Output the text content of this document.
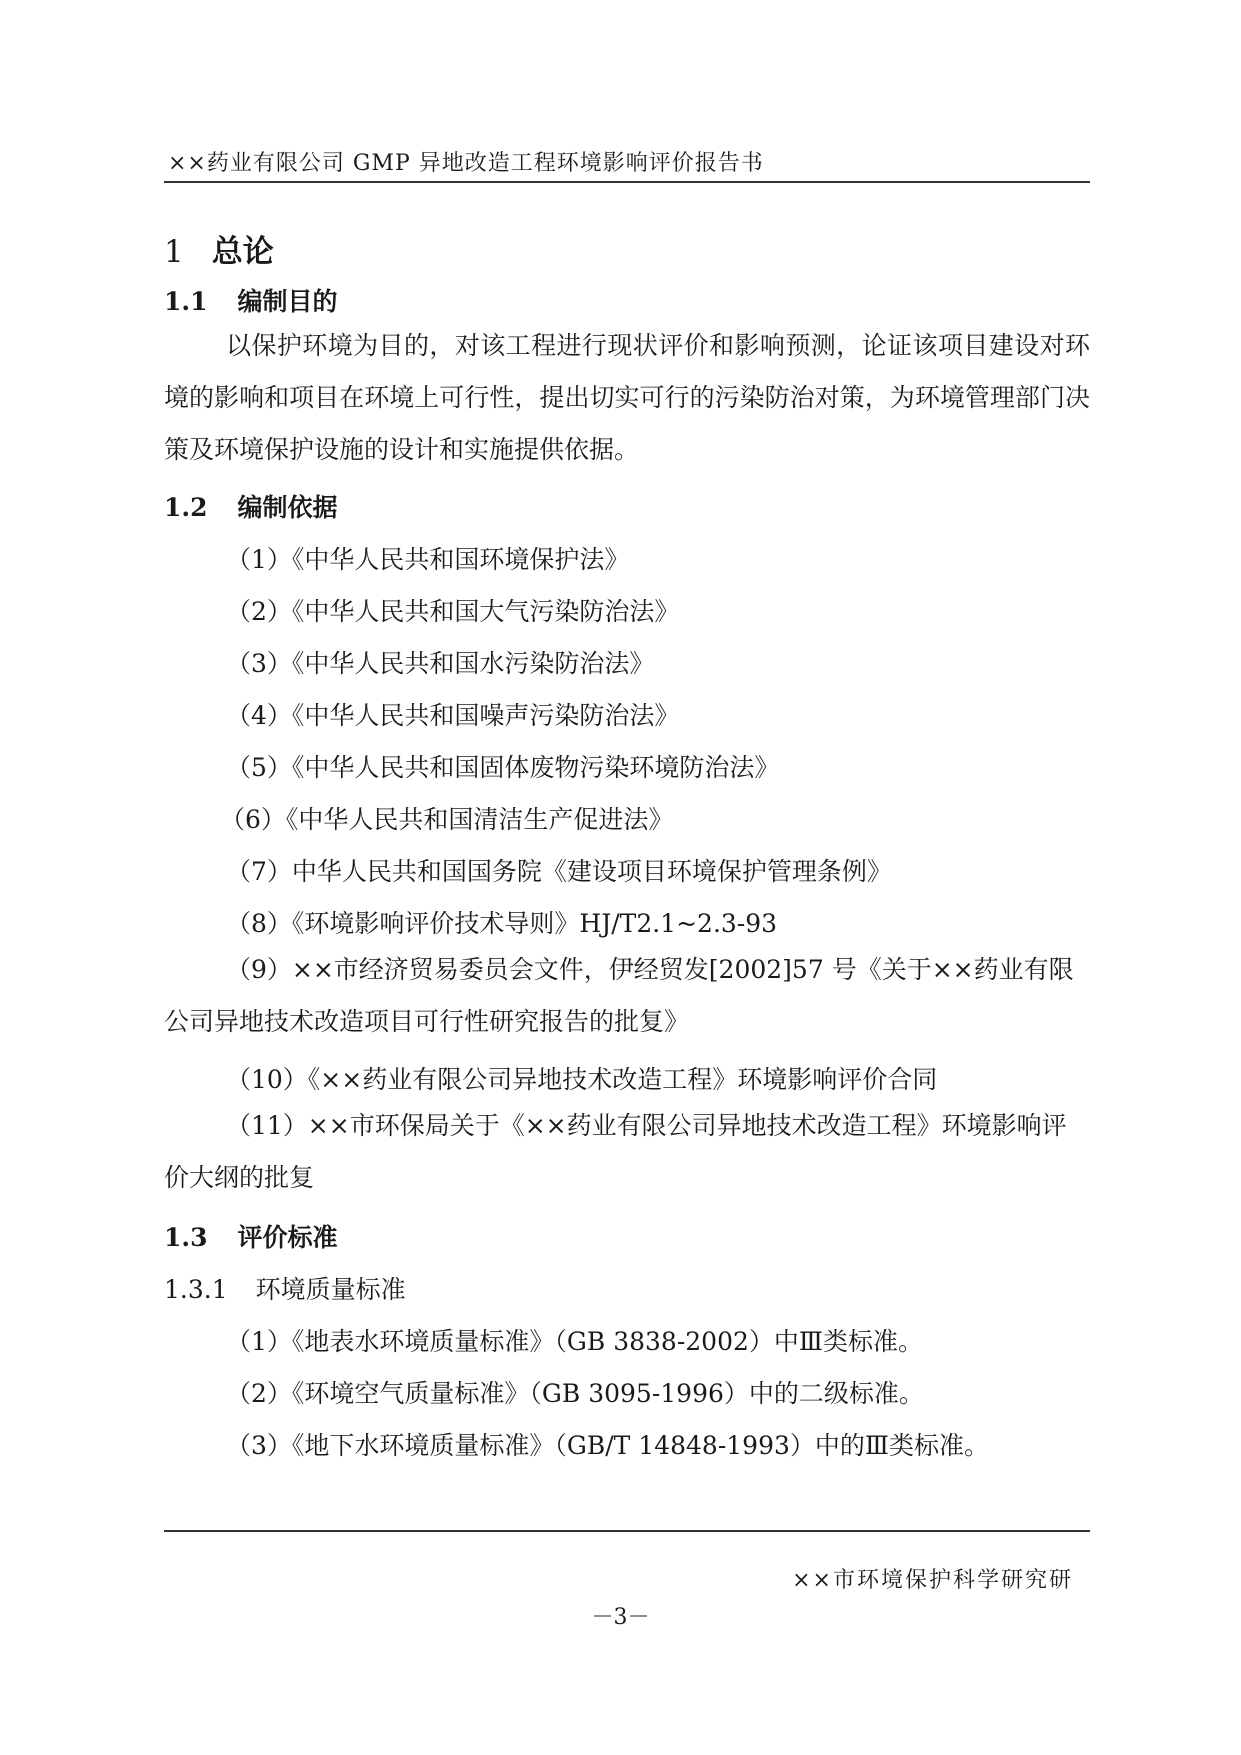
××药业有限公司 GMP 异地改造工程环境影响评价报告书
1 总论
1.1 编制目的
以保护环境为目的，对该工程进行现状评价和影响预测，论证该项目建设对环境的影响和项目在环境上可行性，提出切实可行的污染防治对策，为环境管理部门决策及环境保护设施的设计和实施提供依据。
1.2 编制依据
（1）《中华人民共和国环境保护法》
（2）《中华人民共和国大气污染防治法》
（3）《中华人民共和国水污染防治法》
（4）《中华人民共和国噪声污染防治法》
（5）《中华人民共和国固体废物污染环境防治法》
（6）《中华人民共和国清洁生产促进法》
（7）中华人民共和国国务院《建设项目环境保护管理条例》
（8）《环境影响评价技术导则》HJ/T2.1~2.3-93
（9）××市经济贸易委员会文件，伊经贸发[2002]57 号《关于××药业有限公司异地技术改造项目可行性研究报告的批复》
（10）《××药业有限公司异地技术改造工程》环境影响评价合同
（11）××市环保局关于《××药业有限公司异地技术改造工程》环境影响评价大纲的批复
1.3 评价标准
1.3.1 环境质量标准
（1）《地表水环境质量标准》（GB 3838-2002）中Ⅲ类标准。
（2）《环境空气质量标准》（GB 3095-1996）中的二级标准。
（3）《地下水环境质量标准》（GB/T 14848-1993）中的Ⅲ类标准。
××市环境保护科学研究研
－3－
